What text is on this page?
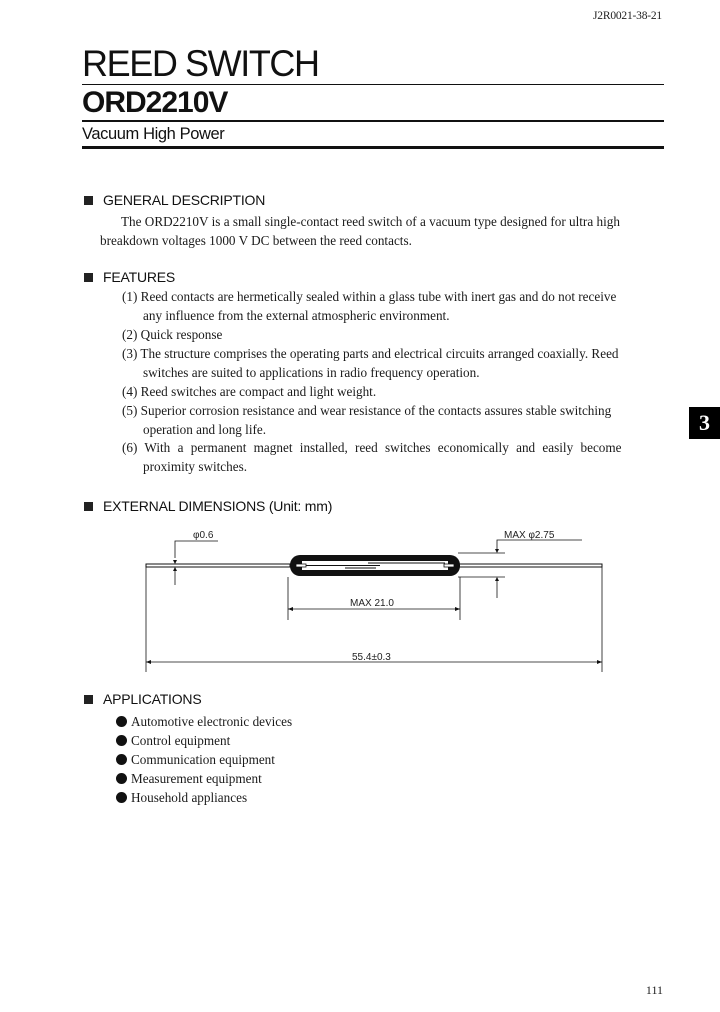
J2R0021-38-21
REED SWITCH
ORD2210V
Vacuum High Power
GENERAL DESCRIPTION
The ORD2210V is a small single-contact reed switch of a vacuum type designed for ultra high
breakdown voltages 1000 V DC between the reed contacts.
FEATURES
(1) Reed contacts are hermetically sealed within a glass tube with inert gas and do not receive
any influence from the external atmospheric environment.
(2) Quick response
(3) The structure comprises the operating parts and electrical circuits arranged coaxially. Reed
switches are suited to applications in radio frequency operation.
(4) Reed switches are compact and light weight.
(5) Superior corrosion resistance and wear resistance of the contacts assures stable switching
operation and long life.
(6) With a permanent magnet installed, reed switches economically and easily become
proximity switches.
3
EXTERNAL DIMENSIONS (Unit: mm)
φ0.6	MAX φ2.75
MAX 21.0
55.4±0.3
APPLICATIONS
Automotive electronic devices
Control equipment
Communication equipment
Measurement equipment
Household appliances
111
